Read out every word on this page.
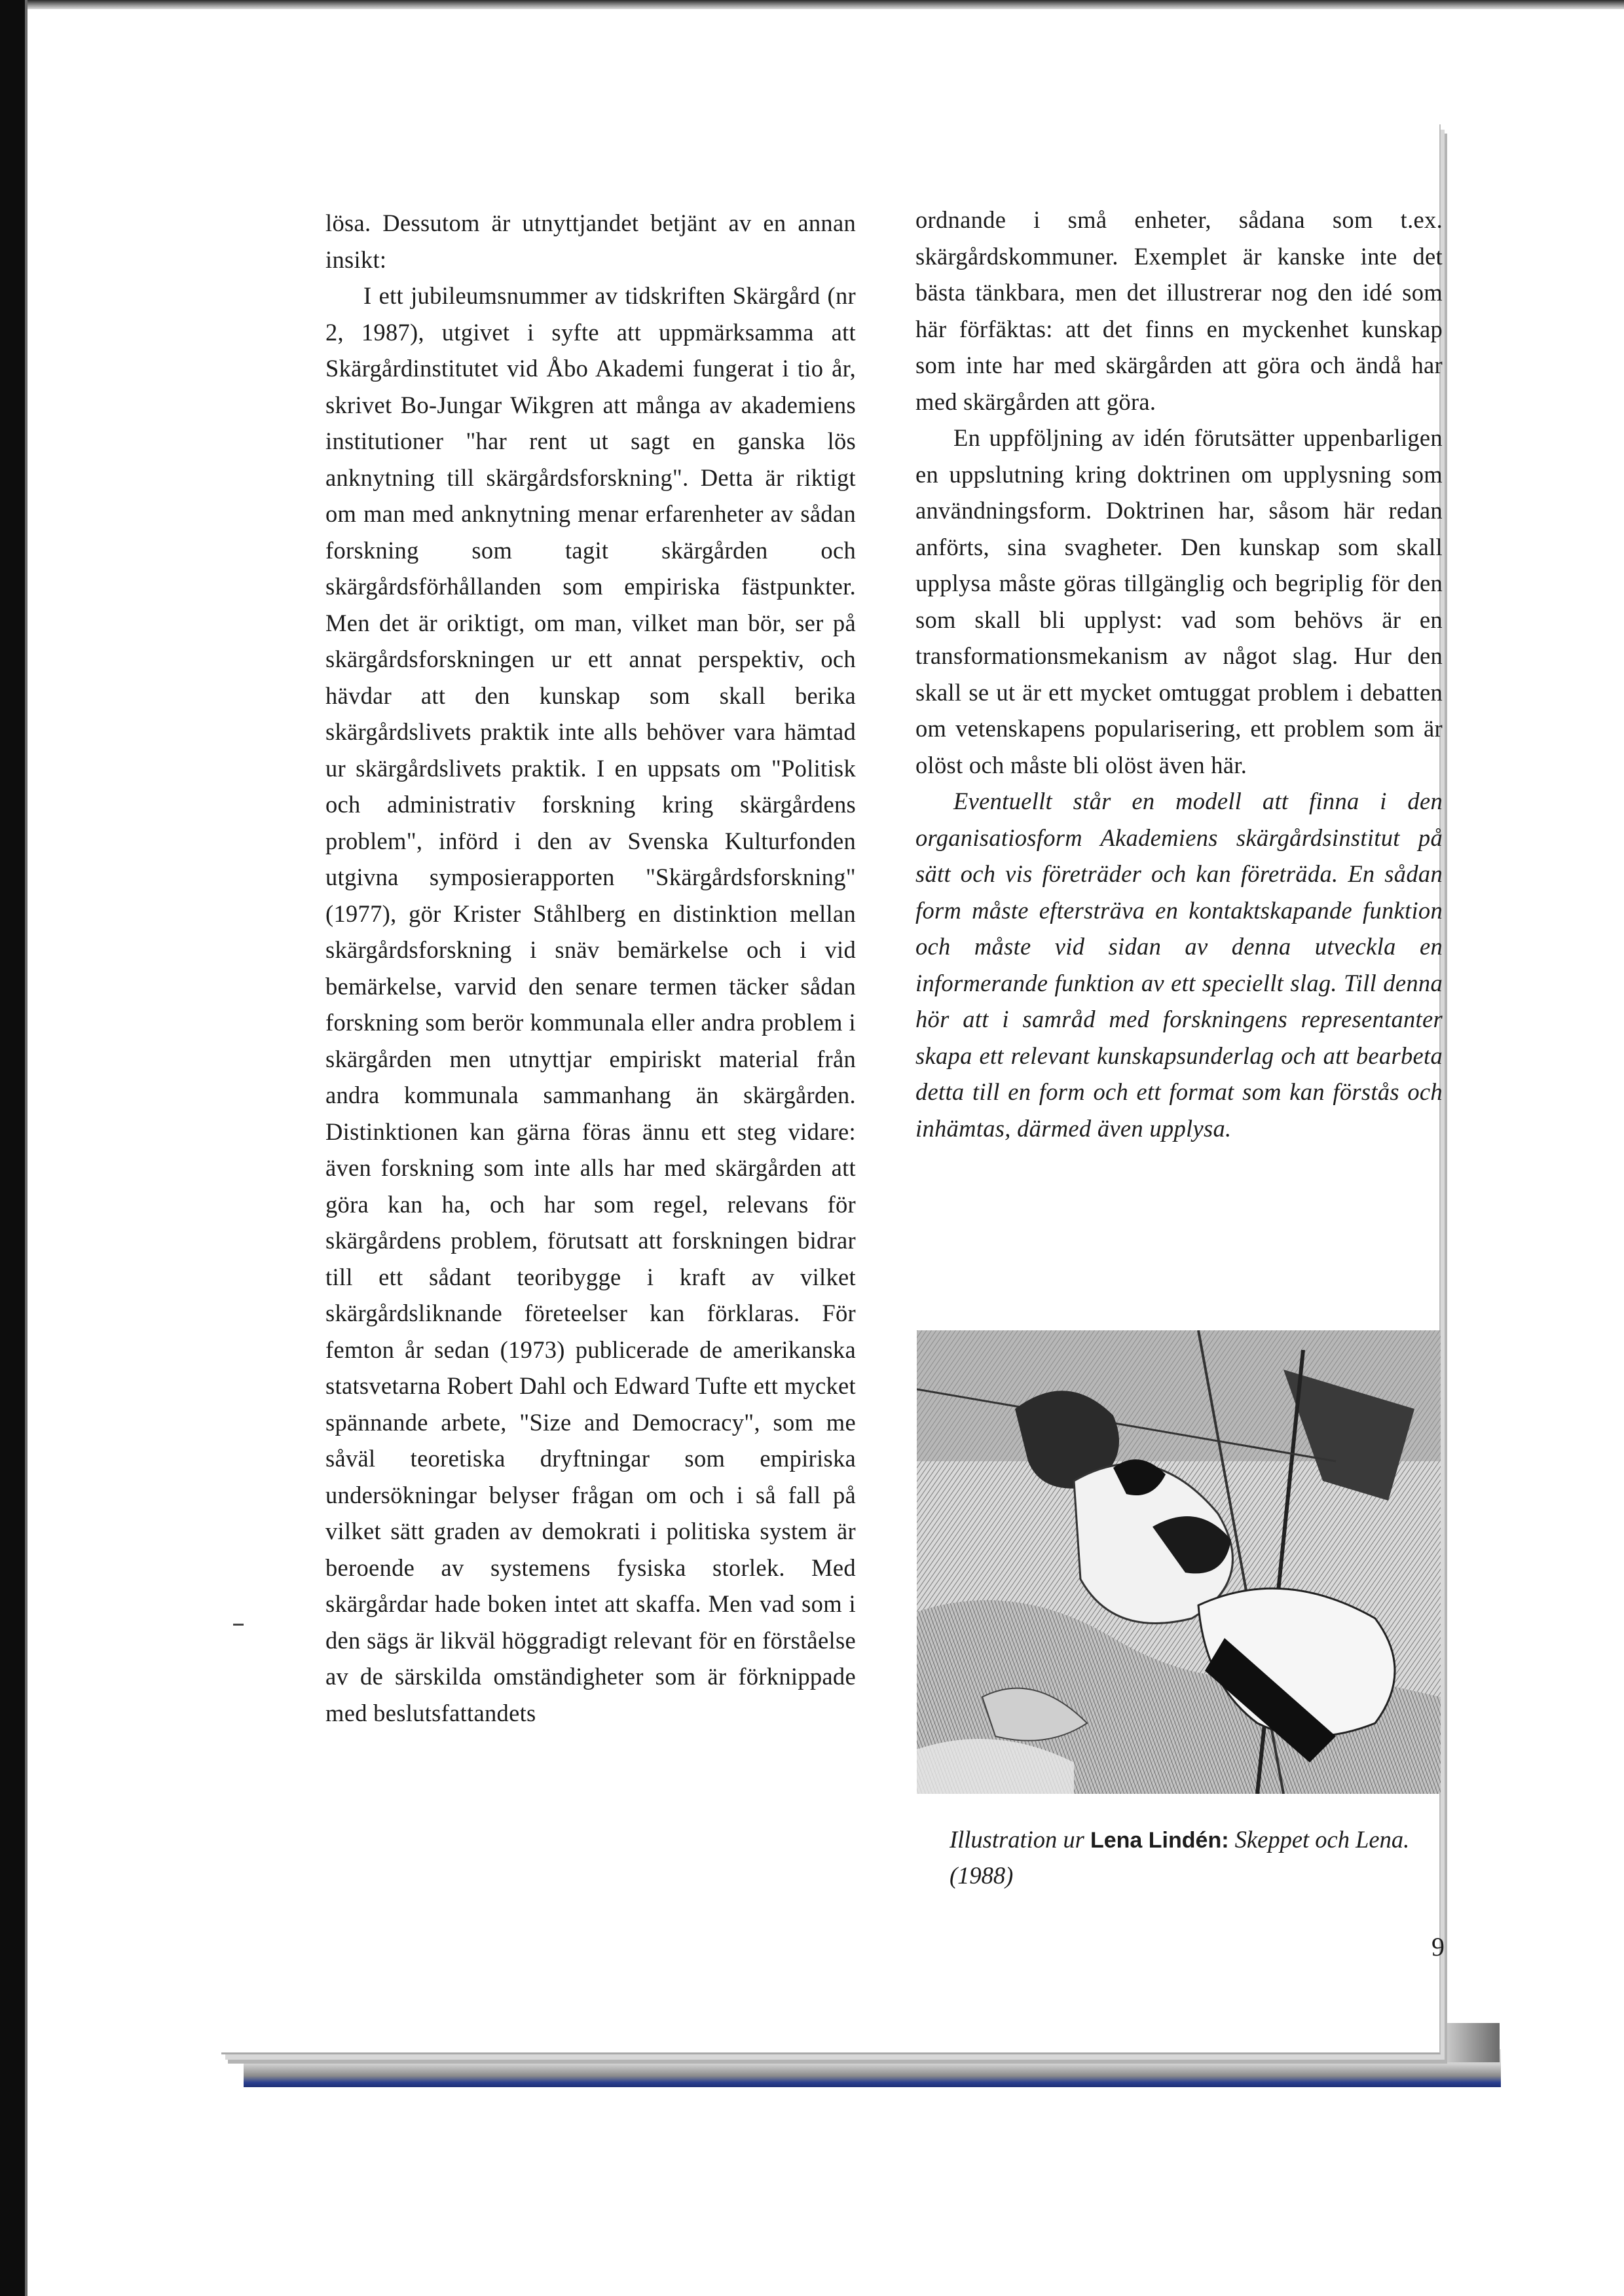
lösa. Dessutom är utnyttjandet betjänt av en annan insikt:

I ett jubileumsnummer av tidskriften Skärgård (nr 2, 1987), utgivet i syfte att uppmärksamma att Skärgårdinstitutet vid Åbo Akademi fungerat i tio år, skrivet Bo-Jungar Wikgren att många av akademiens institutioner "har rent ut sagt en ganska lös anknytning till skärgårdsforskning". Detta är riktigt om man med anknytning menar erfarenheter av sådan forskning som tagit skärgården och skärgårdsförhållanden som empiriska fästpunkter. Men det är oriktigt, om man, vilket man bör, ser på skärgårdsforskningen ur ett annat perspektiv, och hävdar att den kunskap som skall berika skärgårdslivets praktik inte alls behöver vara hämtad ur skärgårdslivets praktik. I en uppsats om "Politisk och administrativ forskning kring skärgårdens problem", införd i den av Svenska Kulturfonden utgivna symposierapporten "Skärgårdsforskning" (1977), gör Krister Ståhlberg en distinktion mellan skärgårdsforskning i snäv bemärkelse och i vid bemärkelse, varvid den senare termen täcker sådan forskning som berör kommunala eller andra problem i skärgården men utnyttjar empiriskt material från andra kommunala sammanhang än skärgården. Distinktionen kan gärna föras ännu ett steg vidare: även forskning som inte alls har med skärgården att göra kan ha, och har som regel, relevans för skärgårdens problem, förutsatt att forskningen bidrar till ett sådant teoribygge i kraft av vilket skärgårdsliknande företeelser kan förklaras. För femton år sedan (1973) publicerade de amerikanska statsvetarna Robert Dahl och Edward Tufte ett mycket spännande arbete, "Size and Democracy", som me såväl teoretiska dryftningar som empiriska undersökningar belyser frågan om och i så fall på vilket sätt graden av demokrati i politiska system är beroende av systemens fysiska storlek. Med skärgårdar hade boken intet att skaffa. Men vad som i den sägs är likväl höggradigt relevant för en förståelse av de särskilda omständigheter som är förknippade med beslutsfattandets

ordnande i små enheter, sådana som t.ex. skärgårdskommuner. Exemplet är kanske inte det bästa tänkbara, men det illustrerar nog den idé som här förfäktas: att det finns en myckenhet kunskap som inte har med skärgården att göra och ändå har med skärgården att göra.

En uppföljning av idén förutsätter uppenbarligen en uppslutning kring doktrinen om upplysning som användningsform. Doktrinen har, såsom här redan anförts, sina svagheter. Den kunskap som skall upplysa måste göras tillgänglig och begriplig för den som skall bli upplyst: vad som behövs är en transformationsmekanism av något slag. Hur den skall se ut är ett mycket omtuggat problem i debatten om vetenskapens popularisering, ett problem som är olöst och måste bli olöst även här.

Eventuellt står en modell att finna i den organisatiosform Akademiens skärgårdsinstitut på sätt och vis företräder och kan företräda. En sådan form måste eftersträva en kontaktskapande funktion och måste vid sidan av denna utveckla en informerande funktion av ett speciellt slag. Till denna hör att i samråd med forskningens representanter skapa ett relevant kunskapsunderlag och att bearbeta detta till en form och ett format som kan förstås och inhämtas, därmed även upplysa.

Illustration ur Lena Lindén: Skeppet och Lena.
(1988)
9
